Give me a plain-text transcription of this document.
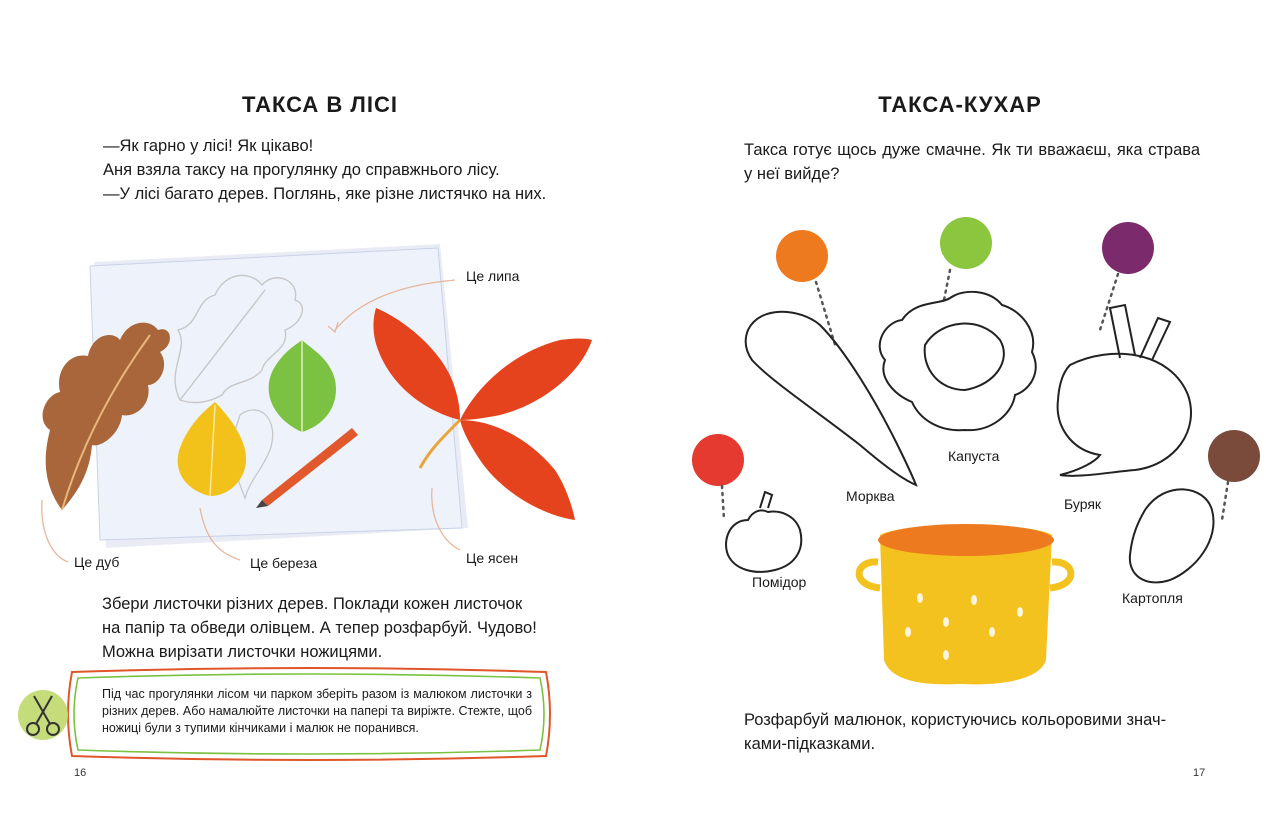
ТАКСА В ЛІСІ
—Як гарно у лісі! Як цікаво!
Аня взяла таксу на прогулянку до справжнього лісу.
—У лісі багато дерев. Поглянь, яке різне листячко на них.
Це липа
Це дуб	Це береза	Це ясен
Збери листочки різних дерев. Поклади кожен листочок
на папір та обведи олівцем. А тепер розфарбуй. Чудово!
Можна вирізати листочки ножицями.
Під час прогулянки лісом чи парком зберіть разом із малюком листочки з різних дерев. Або намалюйте листочки на папері та виріжте. Стежте, щоб ножиці були з тупими кінчиками і малюк не поранився.
16
ТАКСА-КУХАР
Такса готує щось дуже смачне. Як ти вважаєш, яка страва у неї вийде?
Морква
Капуста
Буряк
Помідор
Картопля
Розфарбуй малюнок, користуючись кольоровими знач-
ками-підказками.
17
